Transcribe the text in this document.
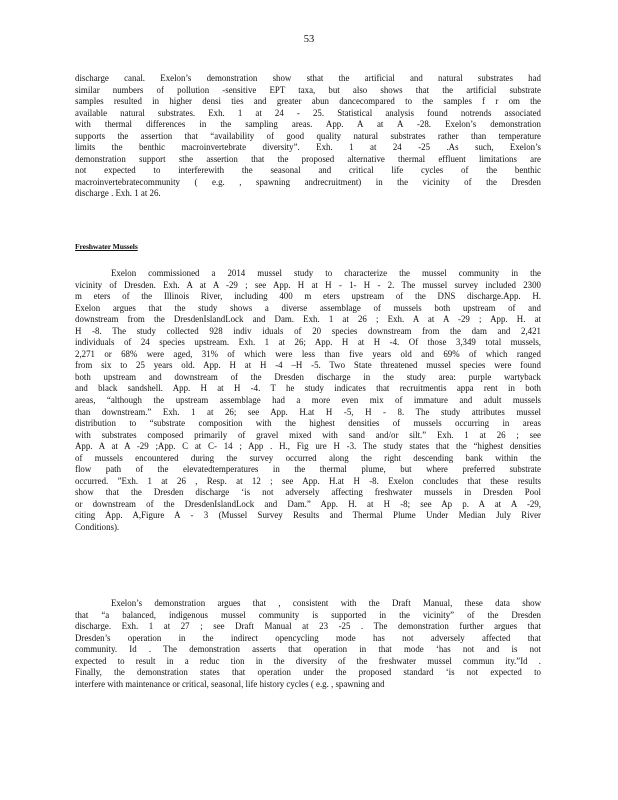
53
discharge canal. Exelon’s demonstration show sthat the artificial and natural substrates had
similar numbers of pollution -sensitive EPT taxa, but also shows that the artificial substrate
samples resulted in higher densi ties and greater abun dancecompared to the samples f r om the
available natural substrates. Exh. 1 at 24 - 25. Statistical analysis found notrends associated
with thermal differences in the sampling areas. App. A at A -28. Exelon’s demonstration
supports the assertion that “availability of good quality natural substrates rather than temperature
limits the benthic macroinvertebrate diversity”. Exh. 1 at 24 -25 .As such, Exelon’s
demonstration support sthe assertion that the proposed alternative thermal effluent limitations are
not expected to interferewith the seasonal and critical life cycles of the benthic
macroinvertebratecommunity ( e.g. , spawning andrecruitment) in the vicinity of the Dresden
discharge . Exh. 1 at 26.
Freshwater Mussels
Exelon commissioned a 2014 mussel study to characterize the mussel community in the
vicinity of Dresden. Exh. A at A -29 ; see App. H at H - 1- H - 2. The mussel survey included 2300
m eters of the Illinois River, including 400 m eters upstream of the DNS discharge.App. H.
Exelon argues that the study shows a diverse assemblage of mussels both upstream of and
downstream from the DresdenIslandLock and Dam. Exh. 1 at 26 ; Exh. A at A -29 ; App. H. at
H -8. The study collected 928 indiv iduals of 20 species downstream from the dam and 2,421
individuals of 24 species upstream. Exh. 1 at 26; App. H at H -4. Of those 3,349 total mussels,
2,271 or 68% were aged, 31% of which were less than five years old and 69% of which ranged
from six to 25 years old. App. H at H -4 –H -5. Two State threatened mussel species were found
both upstream and downstream of the Dresden discharge in the study area: purple wartyback
and black sandshell. App. H at H -4. T he study indicates that recruitmentis appa rent in both
areas, “although the upstream assemblage had a more even mix of immature and adult mussels
than downstream.” Exh. 1 at 26; see App. H.at H -5, H - 8. The study attributes mussel
distribution to “substrate composition with the highest densities of mussels occurring in areas
with substrates composed primarily of gravel mixed with sand and/or silt.” Exh. 1 at 26 ; see
App. A at A -29 ;App. C at C- 14 ; App . H., Fig ure H -3. The study states that the “highest densities
of mussels encountered during the survey occurred along the right descending bank within the
flow path of the elevatedtemperatures in the thermal plume, but where preferred substrate
occurred. ”Exh. 1 at 26 , Resp. at 12 ; see App. H.at H -8. Exelon concludes that these results
show that the Dresden discharge ‘is not adversely affecting freshwater mussels in Dresden Pool
or downstream of the DresdenIslandLock and Dam.” App. H. at H -8; see Ap p. A at A -29,
citing App. A,Figure A - 3 (Mussel Survey Results and Thermal Plume Under Median July River
Conditions).
Exelon’s demonstration argues that , consistent with the Draft Manual, these data show
that “a balanced, indigenous mussel community is supported in the vicinity” of the Dresden
discharge. Exh. 1 at 27 ; see Draft Manual at 23 -25 . The demonstration further argues that
Dresden’s operation in the indirect opencycling mode has not adversely affected that
community. Id . The demonstration asserts that operation in that mode ‘has not and is not
expected to result in a reduc tion in the diversity of the freshwater mussel commun ity.”Id .
Finally, the demonstration states that operation under the proposed standard ‘is not expected to
interfere with maintenance or critical, seasonal, life history cycles ( e.g. , spawning and
